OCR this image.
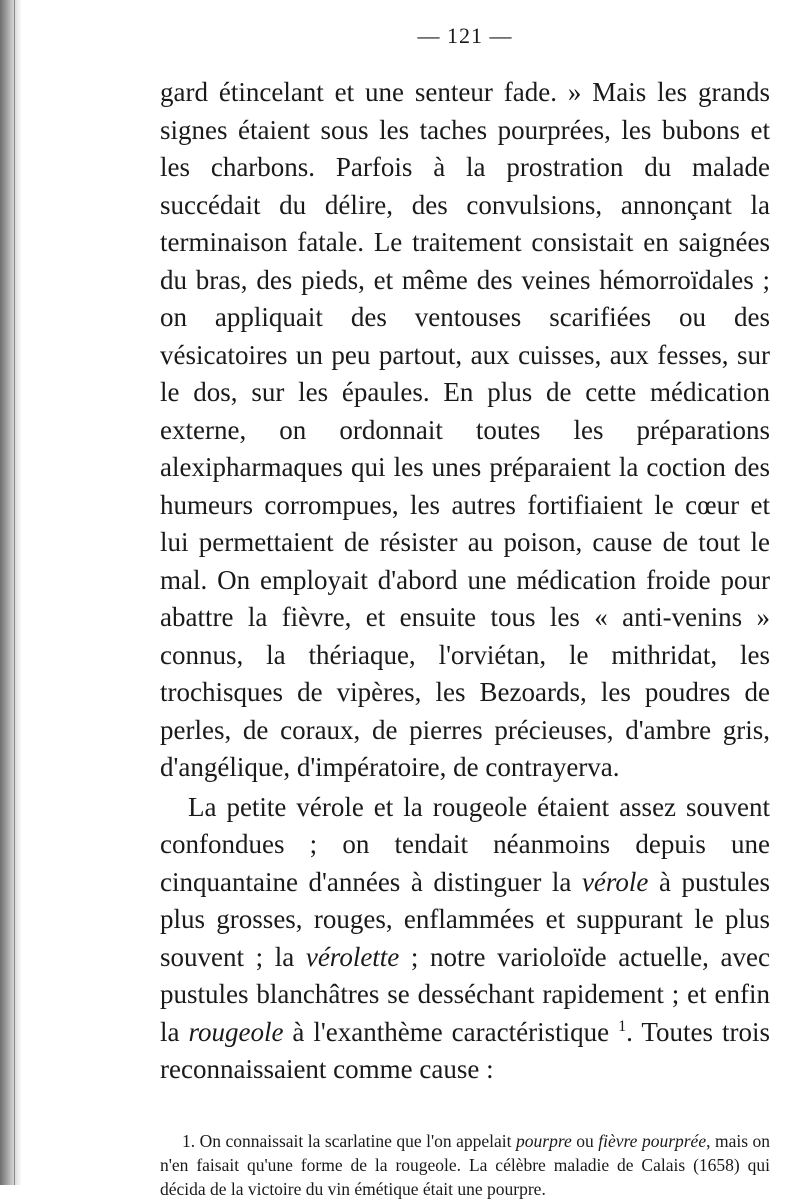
— 121 —

gard étincelant et une senteur fade. » Mais les grands signes étaient sous les taches pourprées, les bubons et les charbons. Parfois à la prostration du malade succédait du délire, des convulsions, annonçant la terminaison fatale. Le traitement consistait en saignées du bras, des pieds, et même des veines hémorroïdales ; on appliquait des ventouses scarifiées ou des vésicatoires un peu partout, aux cuisses, aux fesses, sur le dos, sur les épaules. En plus de cette médication externe, on ordonnait toutes les préparations alexipharmaques qui les unes préparaient la coction des humeurs corrompues, les autres fortifiaient le cœur et lui permettaient de résister au poison, cause de tout le mal. On employait d'abord une médication froide pour abattre la fièvre, et ensuite tous les « anti-venins » connus, la thériaque, l'orviétan, le mithridat, les trochisques de vipères, les Bezoards, les poudres de perles, de coraux, de pierres précieuses, d'ambre gris, d'angélique, d'impératoire, de contrayerva.

La petite vérole et la rougeole étaient assez souvent confondues ; on tendait néanmoins depuis une cinquantaine d'années à distinguer la vérole à pustules plus grosses, rouges, enflammées et suppurant le plus souvent ; la vérolette ; notre varioloïde actuelle, avec pustules blanchâtres se desséchant rapidement ; et enfin la rougeole à l'exanthème caractéristique $^1$. Toutes trois reconnaissaient comme cause :

1. On connaissait la scarlatine que l'on appelait pourpre ou fièvre pourprée, mais on n'en faisait qu'une forme de la rougeole. La célèbre maladie de Calais (1658) qui décida de la victoire du vin émétique était une pourpre.
